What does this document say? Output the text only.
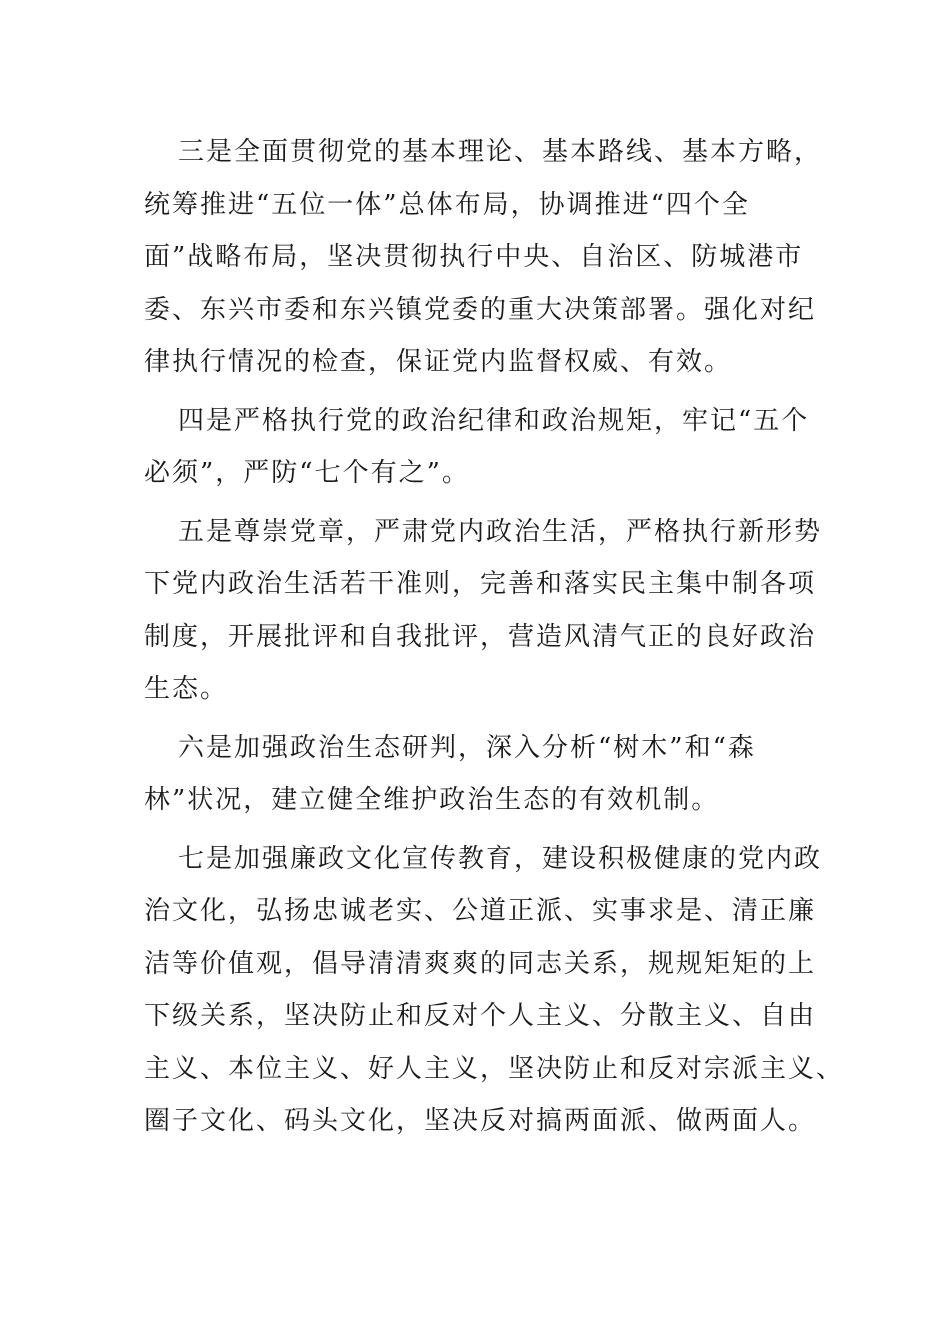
三是全面贯彻党的基本理论、基本路线、基本方略，
统筹推进“五位一体”总体布局，协调推进“四个全
面”战略布局，坚决贯彻执行中央、自治区、防城港市
委、东兴市委和东兴镇党委的重大决策部署。强化对纪
律执行情况的检查，保证党内监督权威、有效。

四是严格执行党的政治纪律和政治规矩，牢记“五个
必须”，严防“七个有之”。

五是尊崇党章，严肃党内政治生活，严格执行新形势
下党内政治生活若干准则，完善和落实民主集中制各项
制度，开展批评和自我批评，营造风清气正的良好政治
生态。

六是加强政治生态研判，深入分析“树木”和“森
林”状况，建立健全维护政治生态的有效机制。

七是加强廉政文化宣传教育，建设积极健康的党内政
治文化，弘扬忠诚老实、公道正派、实事求是、清正廉
洁等价值观，倡导清清爽爽的同志关系，规规矩矩的上
下级关系，坚决防止和反对个人主义、分散主义、自由
主义、本位主义、好人主义，坚决防止和反对宗派主义、
圈子文化、码头文化，坚决反对搞两面派、做两面人。
